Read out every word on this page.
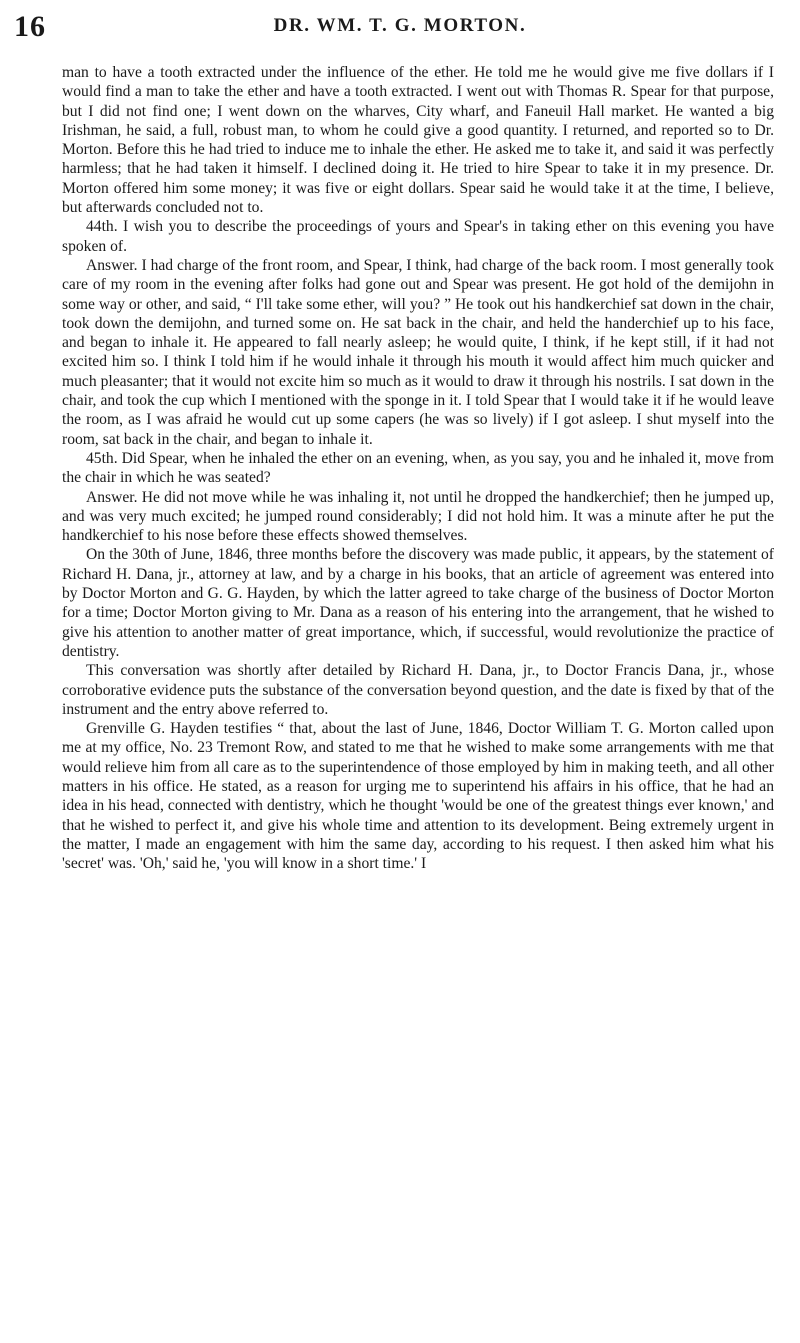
16	DR. WM. T. G. MORTON.

man to have a tooth extracted under the influence of the ether. He told me he would give me five dollars if I would find a man to take the ether and have a tooth extracted. I went out with Thomas R. Spear for that purpose, but I did not find one; I went down on the wharves, City wharf, and Faneuil Hall market. He wanted a big Irishman, he said, a full, robust man, to whom he could give a good quantity. I returned, and reported so to Dr. Morton. Before this he had tried to induce me to inhale the ether. He asked me to take it, and said it was perfectly harmless; that he had taken it himself. I declined doing it. He tried to hire Spear to take it in my presence. Dr. Morton offered him some money; it was five or eight dollars. Spear said he would take it at the time, I believe, but afterwards concluded not to.

44th. I wish you to describe the proceedings of yours and Spear's in taking ether on this evening you have spoken of.

Answer. I had charge of the front room, and Spear, I think, had charge of the back room. I most generally took care of my room in the evening after folks had gone out and Spear was present. He got hold of the demijohn in some way or other, and said, “ I'll take some ether, will you? ” He took out his handkerchief sat down in the chair, took down the demijohn, and turned some on. He sat back in the chair, and held the handerchief up to his face, and began to inhale it. He appeared to fall nearly asleep; he would quite, I think, if he kept still, if it had not excited him so. I think I told him if he would inhale it through his mouth it would affect him much quicker and much pleasanter; that it would not excite him so much as it would to draw it through his nostrils. I sat down in the chair, and took the cup which I mentioned with the sponge in it. I told Spear that I would take it if he would leave the room, as I was afraid he would cut up some capers (he was so lively) if I got asleep. I shut myself into the room, sat back in the chair, and began to inhale it.

45th. Did Spear, when he inhaled the ether on an evening, when, as you say, you and he inhaled it, move from the chair in which he was seated?

Answer. He did not move while he was inhaling it, not until he dropped the handkerchief; then he jumped up, and was very much excited; he jumped round considerably; I did not hold him. It was a minute after he put the handkerchief to his nose before these effects showed themselves.

On the 30th of June, 1846, three months before the discovery was made public, it appears, by the statement of Richard H. Dana, jr., attorney at law, and by a charge in his books, that an article of agreement was entered into by Doctor Morton and G. G. Hayden, by which the latter agreed to take charge of the business of Doctor Morton for a time; Doctor Morton giving to Mr. Dana as a reason of his entering into the arrangement, that he wished to give his attention to another matter of great importance, which, if successful, would revolutionize the practice of dentistry.

This conversation was shortly after detailed by Richard H. Dana, jr., to Doctor Francis Dana, jr., whose corroborative evidence puts the substance of the conversation beyond question, and the date is fixed by that of the instrument and the entry above referred to.

Grenville G. Hayden testifies “ that, about the last of June, 1846, Doctor William T. G. Morton called upon me at my office, No. 23 Tremont Row, and stated to me that he wished to make some arrangements with me that would relieve him from all care as to the superintendence of those employed by him in making teeth, and all other matters in his office. He stated, as a reason for urging me to superintend his affairs in his office, that he had an idea in his head, connected with dentistry, which he thought 'would be one of the greatest things ever known,' and that he wished to perfect it, and give his whole time and attention to its development. Being extremely urgent in the matter, I made an engagement with him the same day, according to his request. I then asked him what his 'secret' was. 'Oh,' said he, 'you will know in a short time.' I
